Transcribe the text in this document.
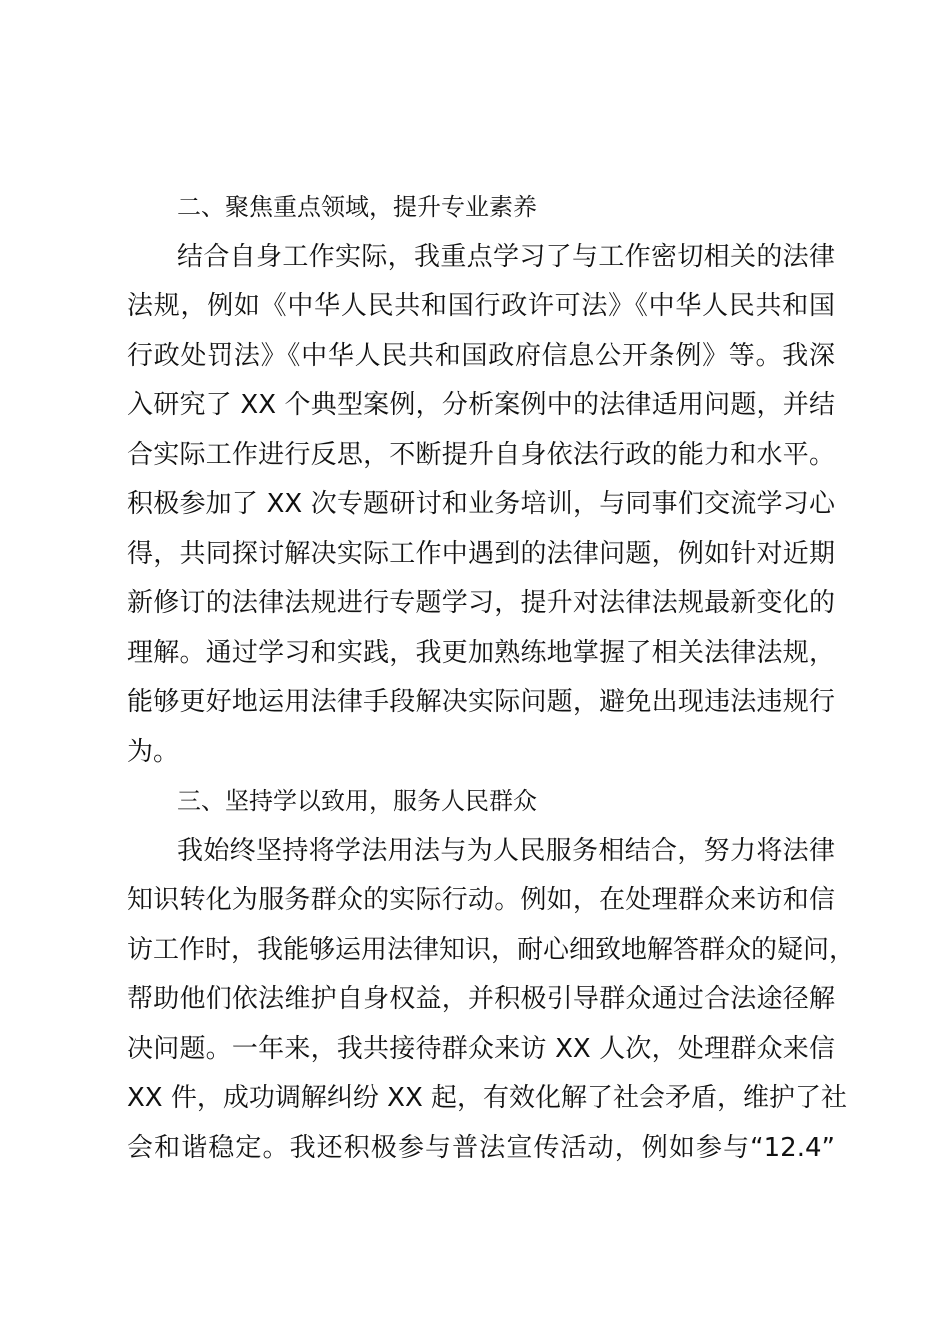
二、聚焦重点领域，提升专业素养
结合自身工作实际，我重点学习了与工作密切相关的法律
法规，例如《中华人民共和国行政许可法》《中华人民共和国
行政处罚法》《中华人民共和国政府信息公开条例》等。我深
入研究了 XX 个典型案例，分析案例中的法律适用问题，并结
合实际工作进行反思，不断提升自身依法行政的能力和水平。
积极参加了 XX 次专题研讨和业务培训，与同事们交流学习心
得，共同探讨解决实际工作中遇到的法律问题，例如针对近期
新修订的法律法规进行专题学习，提升对法律法规最新变化的
理解。通过学习和实践，我更加熟练地掌握了相关法律法规，
能够更好地运用法律手段解决实际问题，避免出现违法违规行
为。
三、坚持学以致用，服务人民群众
我始终坚持将学法用法与为人民服务相结合，努力将法律
知识转化为服务群众的实际行动。例如，在处理群众来访和信
访工作时，我能够运用法律知识，耐心细致地解答群众的疑问，
帮助他们依法维护自身权益，并积极引导群众通过合法途径解
决问题。一年来，我共接待群众来访 XX 人次，处理群众来信
XX 件，成功调解纠纷 XX 起，有效化解了社会矛盾，维护了社
会和谐稳定。我还积极参与普法宣传活动，例如参与“12.4”
